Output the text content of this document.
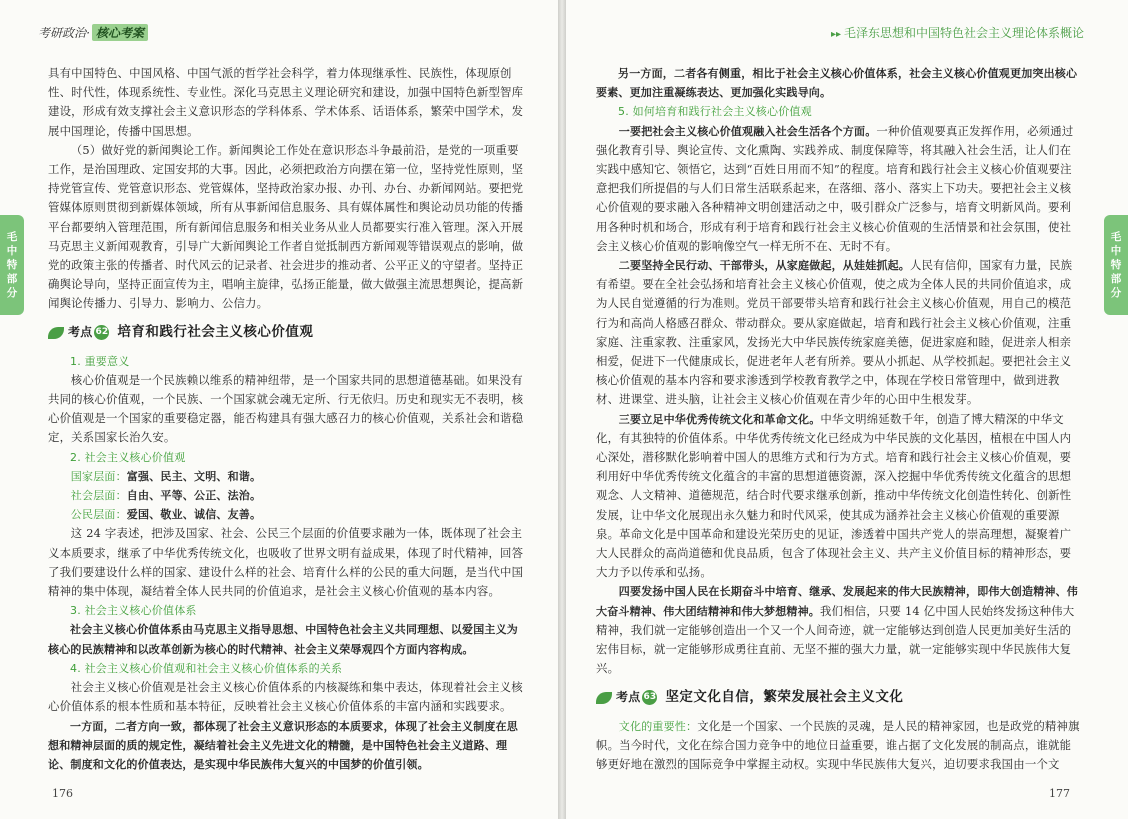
考研政治· 核心考案

具有中国特色、中国风格、中国气派的哲学社会科学，着力体现继承性、民族性，体现原创性、时代性，体现系统性、专业性。深化马克思主义理论研究和建设，加强中国特色新型智库建设，形成有效支撑社会主义意识形态的学科体系、学术体系、话语体系，繁荣中国学术，发展中国理论，传播中国思想。

（5）做好党的新闻舆论工作。新闻舆论工作处在意识形态斗争最前沿，是党的一项重要工作，是治国理政、定国安邦的大事。因此，必须把政治方向摆在第一位，坚持党性原则，坚持党管宣传、党管意识形态、党管媒体，坚持政治家办报、办刊、办台、办新闻网站。要把党管媒体原则贯彻到新媒体领域，所有从事新闻信息服务、具有媒体属性和舆论动员功能的传播平台都要纳入管理范围，所有新闻信息服务和相关业务从业人员都要实行准入管理。深入开展马克思主义新闻观教育，引导广大新闻舆论工作者自觉抵制西方新闻观等错误观点的影响，做党的政策主张的传播者、时代风云的记录者、社会进步的推动者、公平正义的守望者。坚持正确舆论导向，坚持正面宣传为主，唱响主旋律，弘扬正能量，做大做强主流思想舆论，提高新闻舆论传播力、引导力、影响力、公信力。

考点 62 培育和践行社会主义核心价值观

1. 重要意义

核心价值观是一个民族赖以维系的精神纽带，是一个国家共同的思想道德基础。如果没有共同的核心价值观，一个民族、一个国家就会魂无定所、行无依归。历史和现实无不表明，核心价值观是一个国家的重要稳定器，能否构建具有强大感召力的核心价值观，关系社会和谐稳定，关系国家长治久安。

2. 社会主义核心价值观

国家层面：富强、民主、文明、和谐。

社会层面：自由、平等、公正、法治。

公民层面：爱国、敬业、诚信、友善。

这 24 字表述，把涉及国家、社会、公民三个层面的价值要求融为一体，既体现了社会主义本质要求，继承了中华优秀传统文化，也吸收了世界文明有益成果，体现了时代精神，回答了我们要建设什么样的国家、建设什么样的社会、培育什么样的公民的重大问题，是当代中国精神的集中体现，凝结着全体人民共同的价值追求，是社会主义核心价值观的基本内容。

3. 社会主义核心价值体系

社会主义核心价值体系由马克思主义指导思想、中国特色社会主义共同理想、以爱国主义为核心的民族精神和以改革创新为核心的时代精神、社会主义荣辱观四个方面内容构成。

4. 社会主义核心价值观和社会主义核心价值体系的关系

社会主义核心价值观是社会主义核心价值体系的内核凝练和集中表达，体现着社会主义核心价值体系的根本性质和基本特征，反映着社会主义核心价值体系的丰富内涵和实践要求。

一方面，二者方向一致，都体现了社会主义意识形态的本质要求，体现了社会主义制度在思想和精神层面的质的规定性，凝结着社会主义先进文化的精髓，是中国特色社会主义道路、理论、制度和文化的价值表达，是实现中华民族伟大复兴的中国梦的价值引领。

176
毛
中
特
部
分
▸▸ 毛泽东思想和中国特色社会主义理论体系概论
177

另一方面，二者各有侧重，相比于社会主义核心价值体系，社会主义核心价值观更加突出核心要素、更加注重凝练表达、更加强化实践导向。

5. 如何培育和践行社会主义核心价值观

一要把社会主义核心价值观融入社会生活各个方面。一种价值观要真正发挥作用，必须通过强化教育引导、舆论宣传、文化熏陶、实践养成、制度保障等，将其融入社会生活，让人们在实践中感知它、领悟它，达到“百姓日用而不知”的程度。培育和践行社会主义核心价值观要注意把我们所提倡的与人们日常生活联系起来，在落细、落小、落实上下功夫。要把社会主义核心价值观的要求融入各种精神文明创建活动之中，吸引群众广泛参与，培育文明新风尚。要利用各种时机和场合，形成有利于培育和践行社会主义核心价值观的生活情景和社会氛围，使社会主义核心价值观的影响像空气一样无所不在、无时不有。

二要坚持全民行动、干部带头，从家庭做起，从娃娃抓起。人民有信仰，国家有力量，民族有希望。要在全社会弘扬和培育社会主义核心价值观，使之成为全体人民的共同价值追求，成为人民自觉遵循的行为准则。党员干部要带头培育和践行社会主义核心价值观，用自己的模范行为和高尚人格感召群众、带动群众。要从家庭做起，培育和践行社会主义核心价值观，注重家庭、注重家教、注重家风，发扬光大中华民族传统家庭美德，促进家庭和睦，促进亲人相亲相爱，促进下一代健康成长，促进老年人老有所养。要从小抓起、从学校抓起。要把社会主义核心价值观的基本内容和要求渗透到学校教育教学之中，体现在学校日常管理中，做到进教材、进课堂、进头脑，让社会主义核心价值观在青少年的心田中生根发芽。

三要立足中华优秀传统文化和革命文化。中华文明绵延数千年，创造了博大精深的中华文化，有其独特的价值体系。中华优秀传统文化已经成为中华民族的文化基因，植根在中国人内心深处，潜移默化影响着中国人的思维方式和行为方式。培育和践行社会主义核心价值观，要利用好中华优秀传统文化蕴含的丰富的思想道德资源，深入挖掘中华优秀传统文化蕴含的思想观念、人文精神、道德规范，结合时代要求继承创新，推动中华传统文化创造性转化、创新性发展，让中华文化展现出永久魅力和时代风采，使其成为涵养社会主义核心价值观的重要源泉。革命文化是中国革命和建设光荣历史的见证，渗透着中国共产党人的崇高理想，凝聚着广大人民群众的高尚道德和优良品质，包含了体现社会主义、共产主义价值目标的精神形态，要大力予以传承和弘扬。

四要发扬中国人民在长期奋斗中培育、继承、发展起来的伟大民族精神，即伟大创造精神、伟大奋斗精神、伟大团结精神和伟大梦想精神。我们相信，只要 14 亿中国人民始终发扬这种伟大精神，我们就一定能够创造出一个又一个人间奇迹，就一定能够达到创造人民更加美好生活的宏伟目标，就一定能够形成勇往直前、无坚不摧的强大力量，就一定能够实现中华民族伟大复兴。

考点 63 坚定文化自信，繁荣发展社会主义文化

文化的重要性：文化是一个国家、一个民族的灵魂，是人民的精神家园，也是政党的精神旗帜。当今时代，文化在综合国力竞争中的地位日益重要，谁占据了文化发展的制高点，谁就能够更好地在激烈的国际竞争中掌握主动权。实现中华民族伟大复兴，迫切要求我国由一个文

毛
中
特
部
分
